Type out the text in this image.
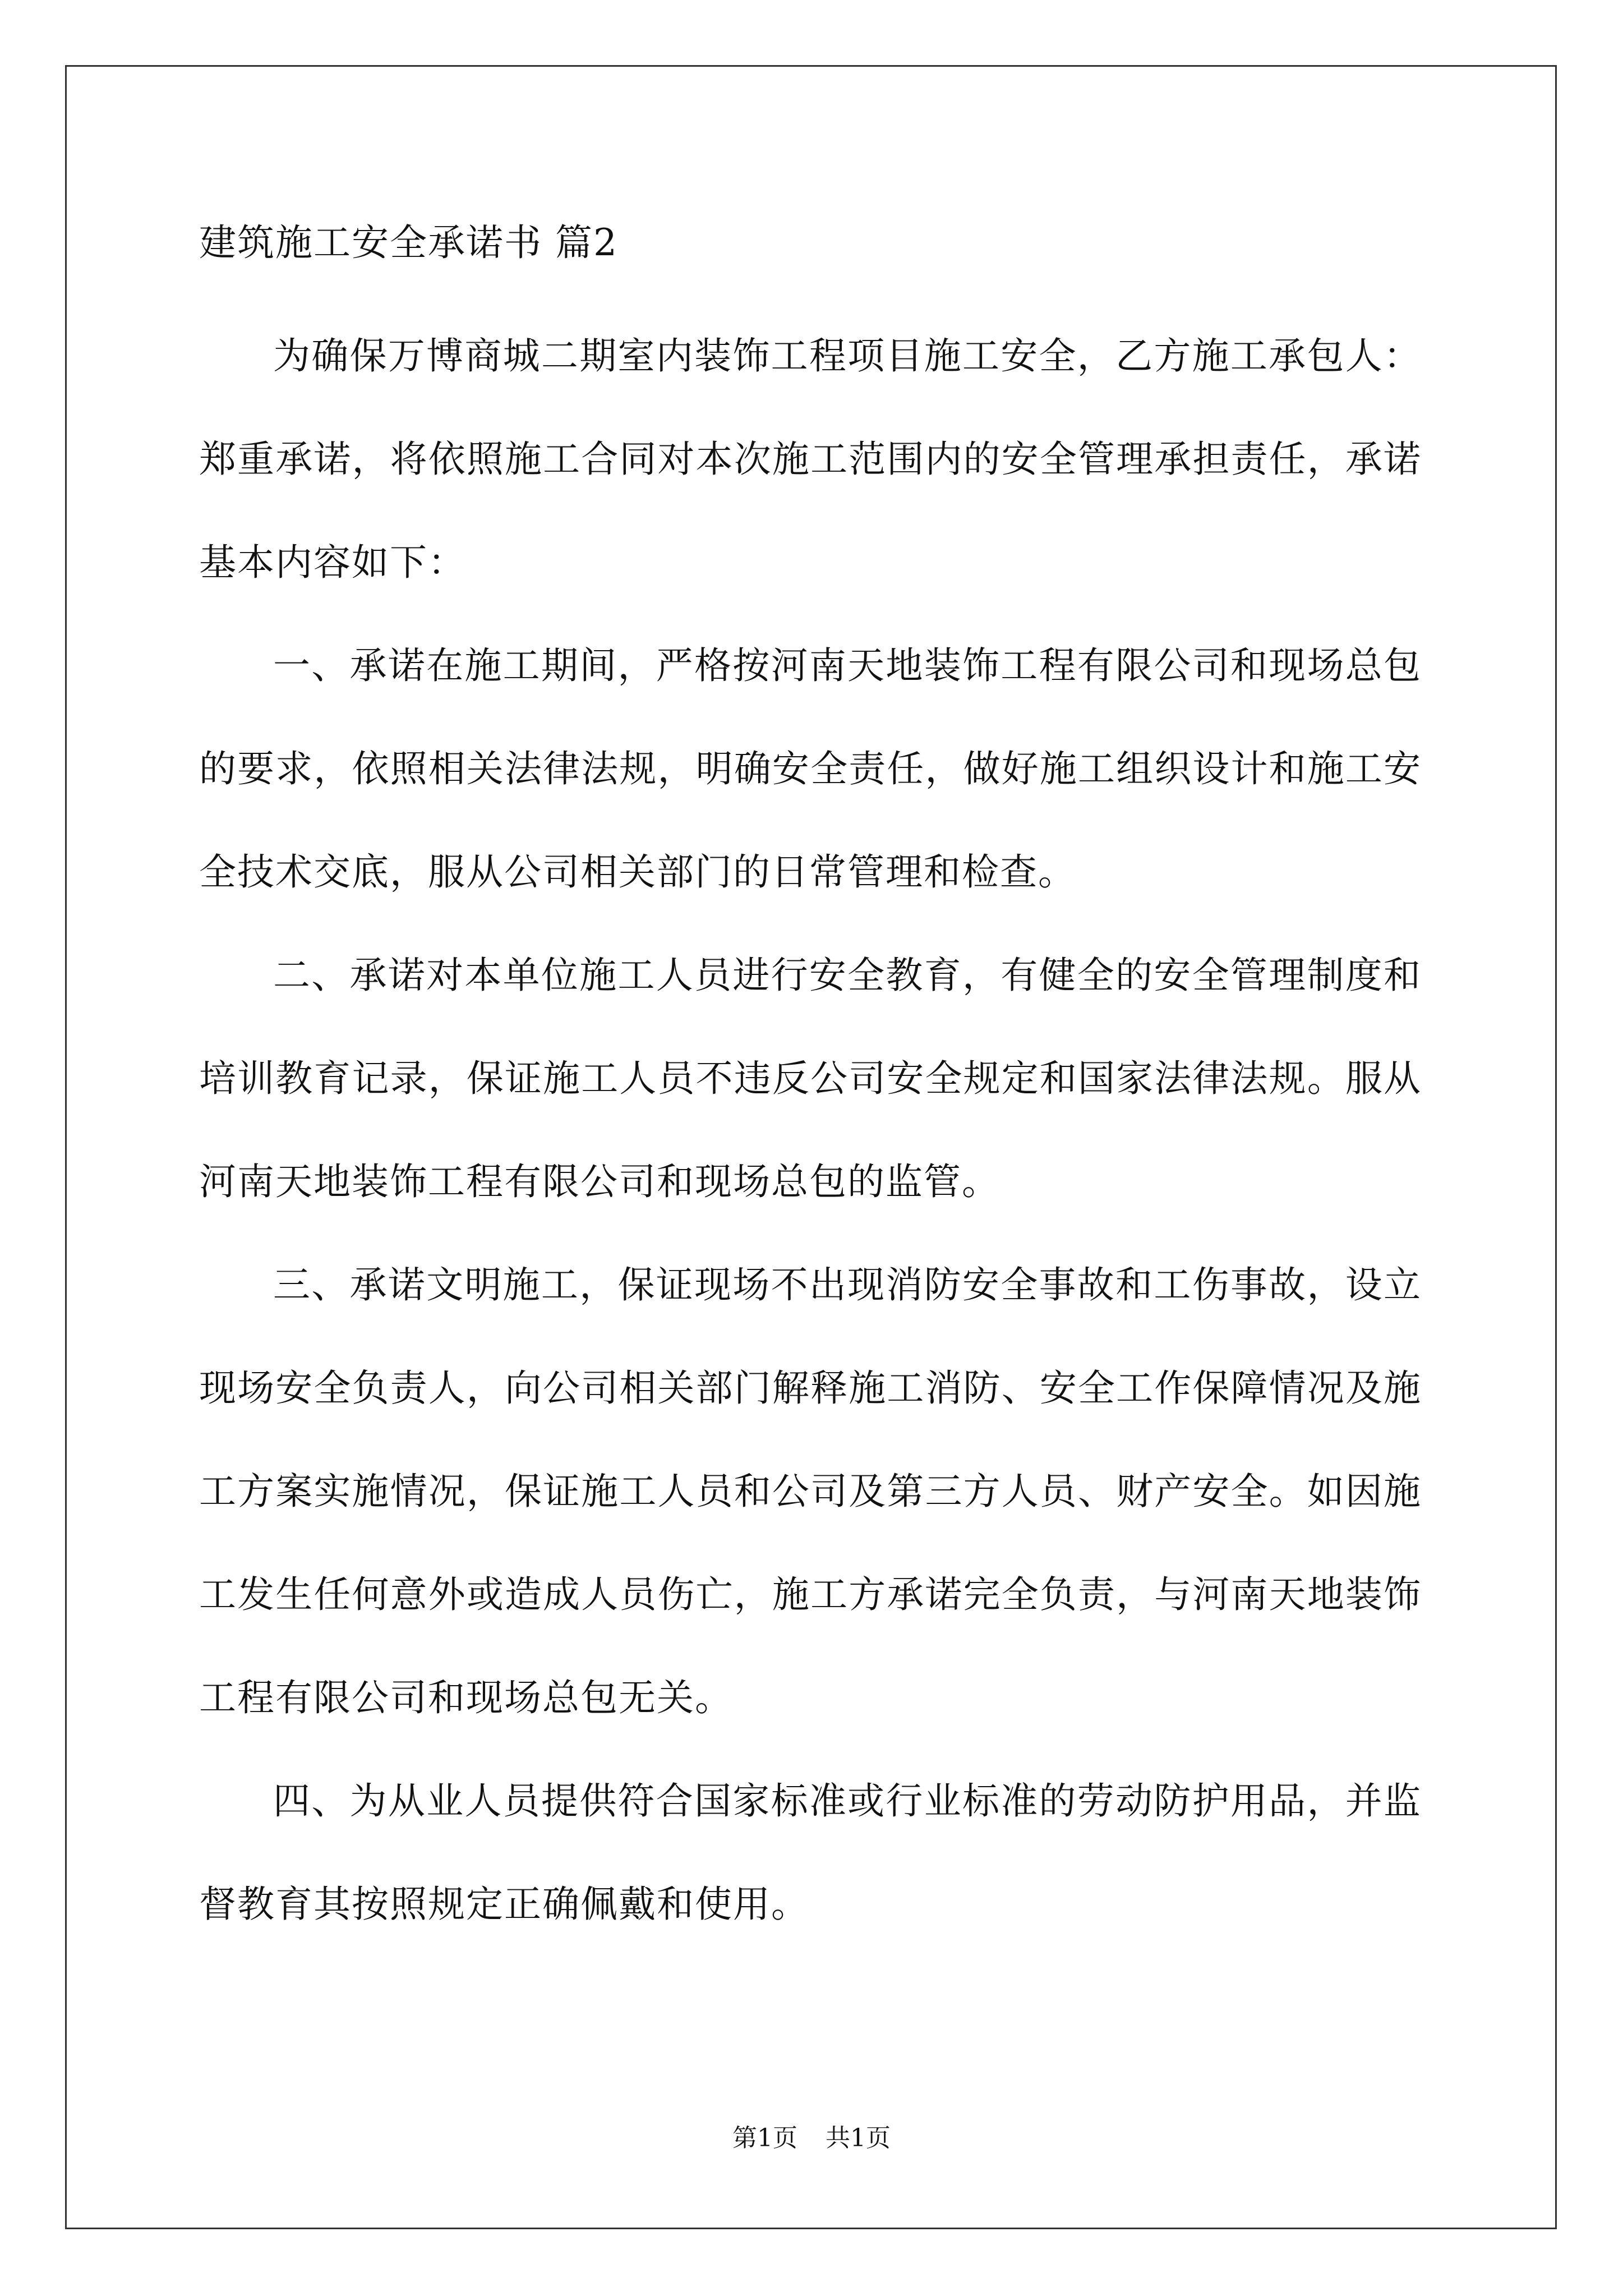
建筑施工安全承诺书 篇2

为确保万博商城二期室内装饰工程项目施工安全，乙方施工承包人：郑重承诺，将依照施工合同对本次施工范围内的安全管理承担责任，承诺基本内容如下：

一、承诺在施工期间，严格按河南天地装饰工程有限公司和现场总包的要求，依照相关法律法规，明确安全责任，做好施工组织设计和施工安全技术交底，服从公司相关部门的日常管理和检查。

二、承诺对本单位施工人员进行安全教育，有健全的安全管理制度和培训教育记录，保证施工人员不违反公司安全规定和国家法律法规。服从河南天地装饰工程有限公司和现场总包的监管。

三、承诺文明施工，保证现场不出现消防安全事故和工伤事故，设立现场安全负责人，向公司相关部门解释施工消防、安全工作保障情况及施工方案实施情况，保证施工人员和公司及第三方人员、财产安全。如因施工发生任何意外或造成人员伤亡，施工方承诺完全负责，与河南天地装饰工程有限公司和现场总包无关。

四、为从业人员提供符合国家标准或行业标准的劳动防护用品，并监督教育其按照规定正确佩戴和使用。

第1页 共1页
